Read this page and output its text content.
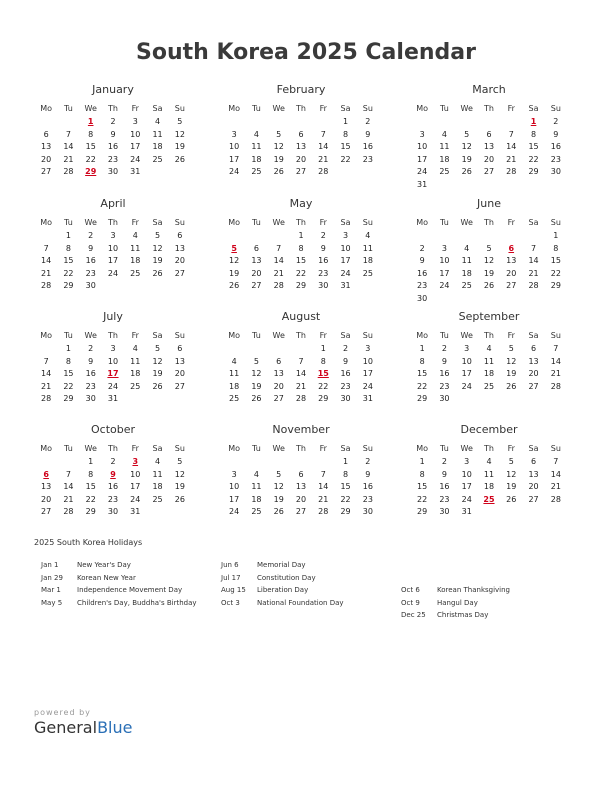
South Korea 2025 Calendar
January
Mo	Tu	We	Th	Fr	Sa	Su
		1	2	3	4	5
6	7	8	9	10	11	12
13	14	15	16	17	18	19
20	21	22	23	24	25	26
27	28	29	30	31		
February
Mo	Tu	We	Th	Fr	Sa	Su
					1	2
3	4	5	6	7	8	9
10	11	12	13	14	15	16
17	18	19	20	21	22	23
24	25	26	27	28		
March
Mo	Tu	We	Th	Fr	Sa	Su
					1	2
3	4	5	6	7	8	9
10	11	12	13	14	15	16
17	18	19	20	21	22	23
24	25	26	27	28	29	30
31						
April
Mo	Tu	We	Th	Fr	Sa	Su
	1	2	3	4	5	6
7	8	9	10	11	12	13
14	15	16	17	18	19	20
21	22	23	24	25	26	27
28	29	30				
May
Mo	Tu	We	Th	Fr	Sa	Su
			1	2	3	4
5	6	7	8	9	10	11
12	13	14	15	16	17	18
19	20	21	22	23	24	25
26	27	28	29	30	31	
June
Mo	Tu	We	Th	Fr	Sa	Su
						1
2	3	4	5	6	7	8
9	10	11	12	13	14	15
16	17	18	19	20	21	22
23	24	25	26	27	28	29
30						
July
Mo	Tu	We	Th	Fr	Sa	Su
	1	2	3	4	5	6
7	8	9	10	11	12	13
14	15	16	17	18	19	20
21	22	23	24	25	26	27
28	29	30	31			
August
Mo	Tu	We	Th	Fr	Sa	Su
				1	2	3
4	5	6	7	8	9	10
11	12	13	14	15	16	17
18	19	20	21	22	23	24
25	26	27	28	29	30	31
September
Mo	Tu	We	Th	Fr	Sa	Su
1	2	3	4	5	6	7
8	9	10	11	12	13	14
15	16	17	18	19	20	21
22	23	24	25	26	27	28
29	30					
October
Mo	Tu	We	Th	Fr	Sa	Su
		1	2	3	4	5
6	7	8	9	10	11	12
13	14	15	16	17	18	19
20	21	22	23	24	25	26
27	28	29	30	31		
November
Mo	Tu	We	Th	Fr	Sa	Su
					1	2
3	4	5	6	7	8	9
10	11	12	13	14	15	16
17	18	19	20	21	22	23
24	25	26	27	28	29	30
December
Mo	Tu	We	Th	Fr	Sa	Su
1	2	3	4	5	6	7
8	9	10	11	12	13	14
15	16	17	18	19	20	21
22	23	24	25	26	27	28
29	30	31				
2025 South Korea Holidays
Jan 1	New Year's Day
Jan 29 Korean New Year
Mar 1 Independence Movement Day
May 5 Children's Day, Buddha's Birthday
Jun 6	Memorial Day
Jul 17 Constitution Day
Aug 15 Liberation Day
Oct 3 National Foundation Day
Oct 6 Korean Thanksgiving
Oct 9 Hangul Day
Dec 25 Christmas Day
powered by
GeneralBlue
